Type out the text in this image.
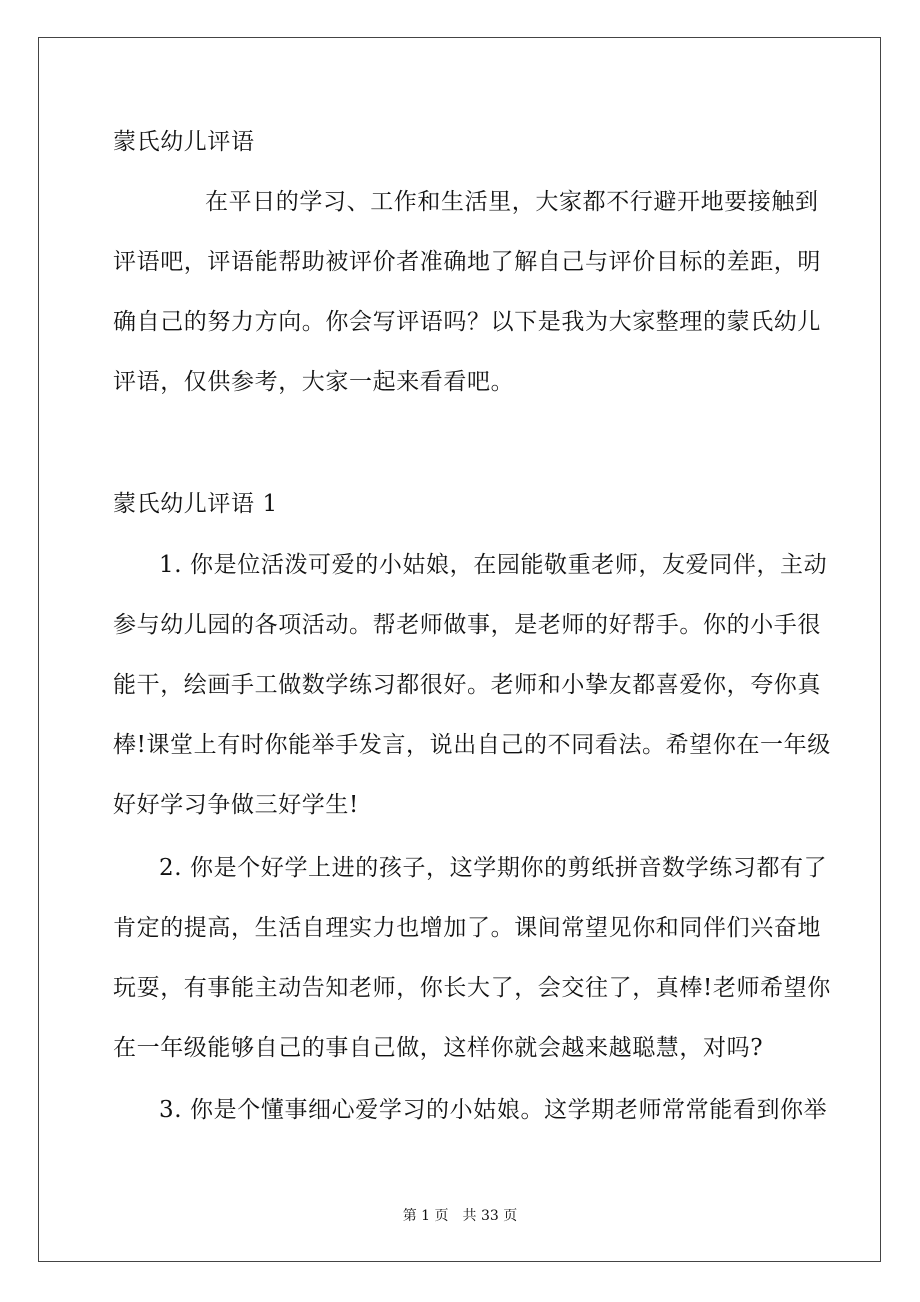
蒙氏幼儿评语
在平日的学习、工作和生活里，大家都不行避开地要接触到
评语吧，评语能帮助被评价者准确地了解自己与评价目标的差距，明
确自己的努力方向。你会写评语吗？以下是我为大家整理的蒙氏幼儿
评语，仅供参考，大家一起来看看吧。
蒙氏幼儿评语 1
1. 你是位活泼可爱的小姑娘，在园能敬重老师，友爱同伴，主动
参与幼儿园的各项活动。帮老师做事，是老师的好帮手。你的小手很
能干，绘画手工做数学练习都很好。老师和小挚友都喜爱你，夸你真
棒!课堂上有时你能举手发言，说出自己的不同看法。希望你在一年级
好好学习争做三好学生!
2. 你是个好学上进的孩子，这学期你的剪纸拼音数学练习都有了
肯定的提高，生活自理实力也增加了。课间常望见你和同伴们兴奋地
玩耍，有事能主动告知老师，你长大了，会交往了，真棒!老师希望你
在一年级能够自己的事自己做，这样你就会越来越聪慧，对吗?
3. 你是个懂事细心爱学习的小姑娘。这学期老师常常能看到你举
第 1 页　共 33 页
